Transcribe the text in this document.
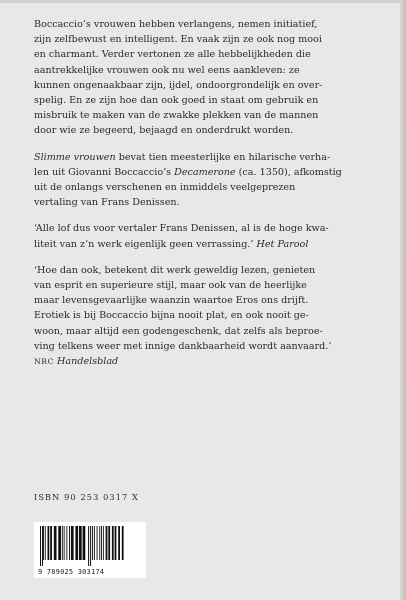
Boccaccio’s vrouwen hebben verlangens, nemen initiatief,
zijn zelfbewust en intelligent. En vaak zijn ze ook nog mooi
en charmant. Verder vertonen ze alle hebbelijkheden die
aantrekkelijke vrouwen ook nu wel eens aankleven: ze
kunnen ongenaakbaar zijn, ijdel, ondoorgrondelijk en over-
spelig. En ze zijn hoe dan ook goed in staat om gebruik en
misbruik te maken van de zwakke plekken van de mannen
door wie ze begeerd, bejaagd en onderdrukt worden.

Slimme vrouwen bevat tien meesterlijke en hilarische verha-
len uit Giovanni Boccaccio’s Decamerone (ca. 1350), afkomstig
uit de onlangs verschenen en inmiddels veelgeprezen
vertaling van Frans Denissen.

‘Alle lof dus voor vertaler Frans Denissen, al is de hoge kwa-
liteit van z’n werk eigenlijk geen verrassing.’ Het Parool

‘Hoe dan ook, betekent dit werk geweldig lezen, genieten
van esprit en superieure stijl, maar ook van de heerlijke
maar levensgevaarlijke waanzin waartoe Eros ons drijft.
Erotiek is bij Boccaccio bijna nooit plat, en ook nooit ge-
woon, maar altijd een godengeschenk, dat zelfs als beproe-
ving telkens weer met innige dankbaarheid wordt aanvaard.’
NRC Handelsblad

ISBN 90 253 0317 X
9 789025 303174
